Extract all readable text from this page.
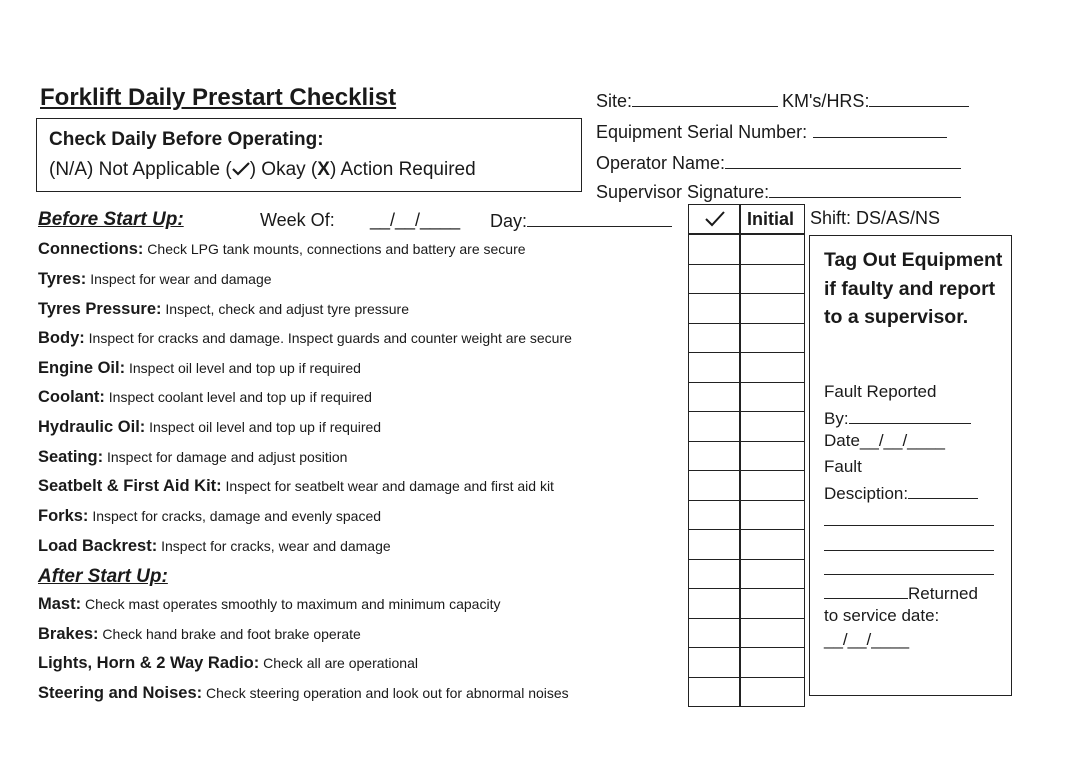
Forklift Daily Prestart Checklist
Check Daily Before Operating:
(N/A) Not Applicable ( ) Okay (X) Action Required
Site:	KM's/HRS:
Equipment Serial Number:
Operator Name:
Supervisor Signature:
Before Start Up:	Week Of: __/__/____ Day:	Initial Shift: DS/AS/NS
Connections: Check LPG tank mounts, connections and battery are secure
Tyres: Inspect for wear and damage
Tyres Pressure: Inspect, check and adjust tyre pressure
Body: Inspect for cracks and damage. Inspect guards and counter weight are secure
Engine Oil: Inspect oil level and top up if required
Coolant: Inspect coolant level and top up if required
Hydraulic Oil: Inspect oil level and top up if required
Seating: Inspect for damage and adjust position
Seatbelt & First Aid Kit: Inspect for seatbelt wear and damage and first aid kit
Forks: Inspect for cracks, damage and evenly spaced
Load Backrest: Inspect for cracks, wear and damage
Mast: Check mast operates smoothly to maximum and minimum capacity
Brakes: Check hand brake and foot brake operate
Lights, Horn & 2 Way Radio: Check all are operational
Steering and Noises: Check steering operation and look out for abnormal noises
After Start Up:
Tag Out Equipment if faulty and report to a supervisor.
Fault Reported
By:
Date__/__/____
Fault
Desciption:
Returned
to service date:
__/__/____
